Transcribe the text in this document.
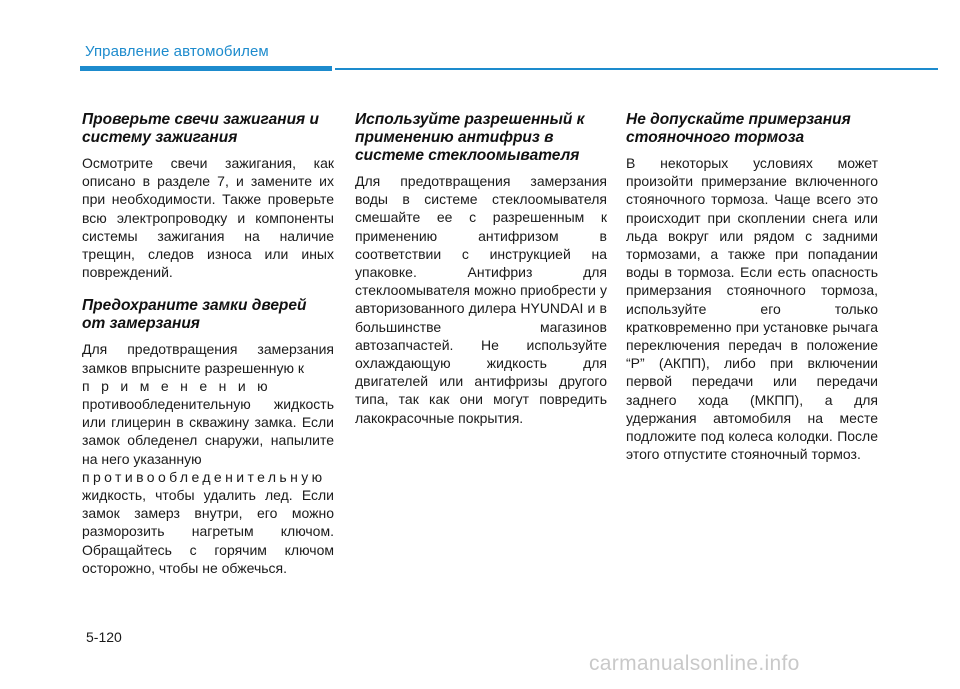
Управление автомобилем
Проверьте свечи зажигания и систему зажигания
Осмотрите свечи зажигания, как описано в разделе 7, и замените их при необходимости. Также проверьте всю электропроводку и компоненты системы зажигания на наличие трещин, следов износа или иных повреждений.
Предохраните замки дверей от замерзания
Для предотвращения замерзания замков впрысните разрешенную к
применению
противообледенительную жидкость или глицерин в скважину замка. Если замок обледенел снаружи, напылите на него указанную
противообледенительную
жидкость, чтобы удалить лед. Если замок замерз внутри, его можно разморозить нагретым ключом. Обращайтесь с горячим ключом осторожно, чтобы не обжечься.
Используйте разрешенный к применению антифриз в системе стеклоомывателя
Для предотвращения замерзания воды в системе стеклоомывателя смешайте ее с разрешенным к применению антифризом в соответствии с инструкцией на упаковке. Антифриз для стеклоомывателя можно приобрести у авторизованного дилера HYUNDAI и в большинстве магазинов автозапчастей. Не используйте охлаждающую жидкость для двигателей или антифризы другого типа, так как они могут повредить лакокрасочные покрытия.
Не допускайте примерзания стояночного тормоза
В некоторых условиях может произойти примерзание включенного стояночного тормоза. Чаще всего это происходит при скоплении снега или льда вокруг или рядом с задними тормозами, а также при попадании воды в тормоза. Если есть опасность примерзания стояночного тормоза, используйте его только кратковременно при установке рычага переключения передач в положение “P” (АКПП), либо при включении первой передачи или передачи заднего хода (МКПП), а для удержания автомобиля на месте подложите под колеса колодки. После этого отпустите стояночный тормоз.
5-120
carmanualsonline.info
